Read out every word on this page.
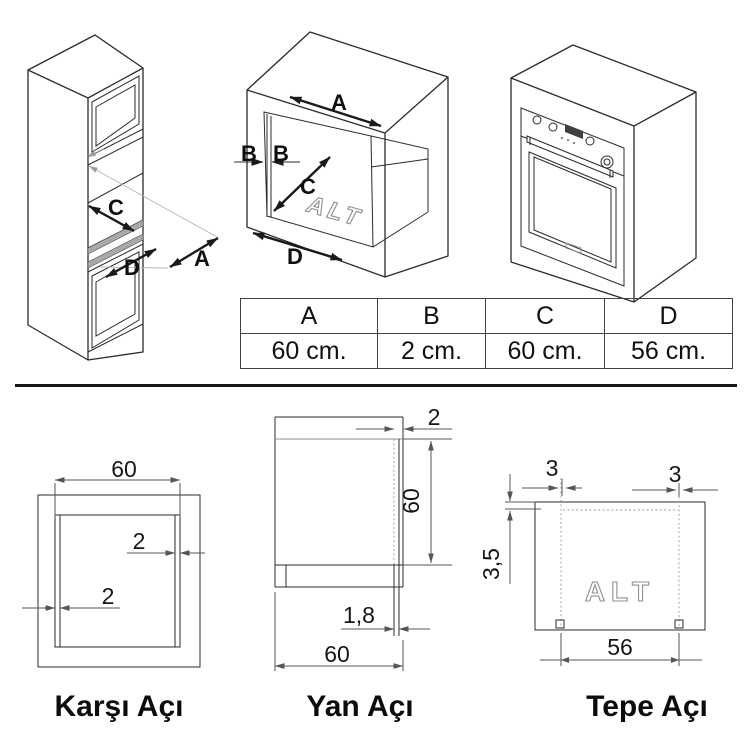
C
D A
A
B B
C
D
ALT
60
2
2
Karşı Açı
2
60
1,8
60
Yan Açı
3	3
3,5
56
ALT
Tepe Açı
A	B	C	D
60 cm.	2 cm.	60 cm.	56 cm.
